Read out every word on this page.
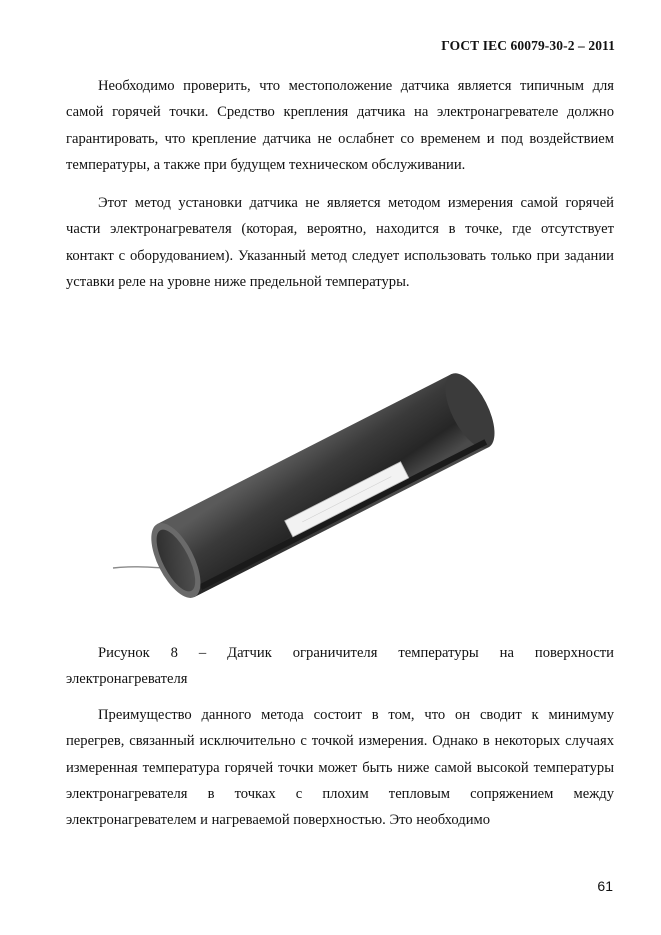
ГОСТ IEC 60079-30-2 – 2011

Необходимо проверить, что местоположение датчика является типичным для самой горячей точки. Средство крепления датчика на электронагревателе должно гарантировать, что крепление датчика не ослабнет со временем и под воздействием температуры, а также при будущем техническом обслуживании.

Этот метод установки датчика не является методом измерения самой горячей части электронагревателя (которая, вероятно, находится в точке, где отсутствует контакт с оборудованием). Указанный метод следует использовать только при задании уставки реле на уровне ниже предельной температуры.

Рисунок 8 – Датчик ограничителя температуры на поверхности электронагревателя

Преимущество данного метода состоит в том, что он сводит к минимуму перегрев, связанный исключительно с точкой измерения. Однако в некоторых случаях измеренная температура горячей точки может быть ниже самой высокой температуры электронагревателя в точках с плохим тепловым сопряжением между электронагревателем и нагреваемой поверхностью. Это необходимо

61
